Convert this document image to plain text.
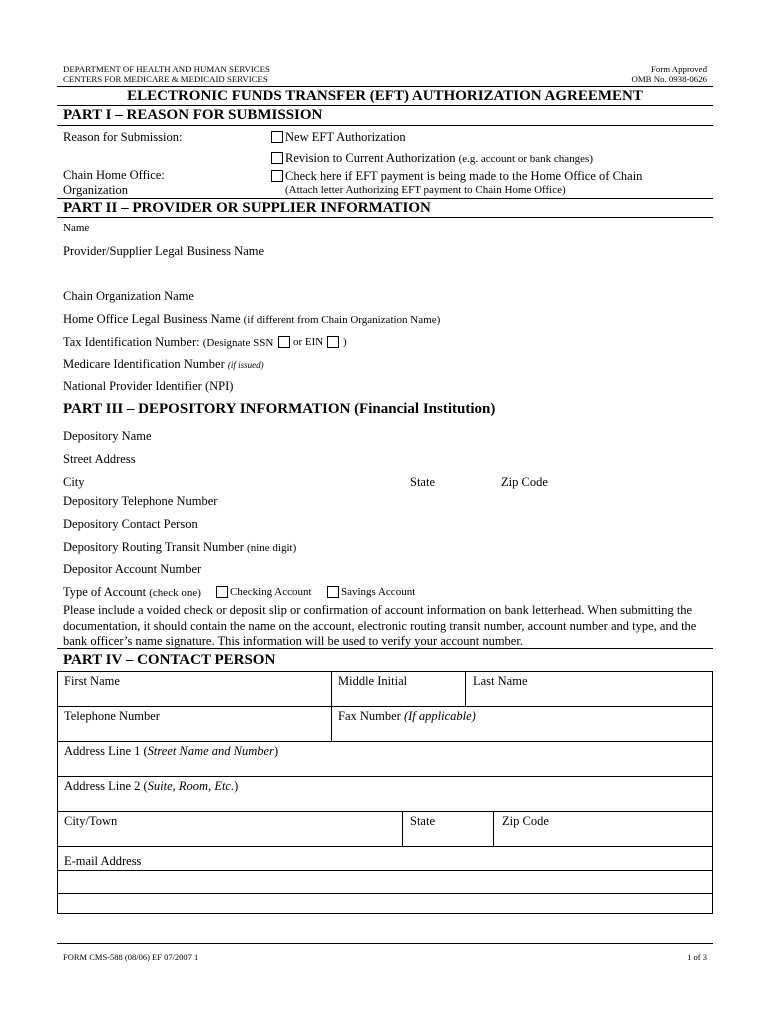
DEPARTMENT OF HEALTH AND HUMAN SERVICES
CENTERS FOR MEDICARE & MEDICAID SERVICES
Form Approved
OMB No. 0938-0626
ELECTRONIC FUNDS TRANSFER (EFT) AUTHORIZATION AGREEMENT
PART I – REASON FOR SUBMISSION
Reason for Submission:	New EFT Authorization
Revision to Current Authorization (e.g. account or bank changes)
Chain Home Office:
Organization
Check here if EFT payment is being made to the Home Office of Chain
(Attach letter Authorizing EFT payment to Chain Home Office)
PART II – PROVIDER OR SUPPLIER INFORMATION
Name
Provider/Supplier Legal Business Name
Chain Organization Name
Home Office Legal Business Name (if different from Chain Organization Name)
Tax Identification Number: (Designate SSN or EIN )
Medicare Identification Number (if issued)
National Provider Identifier (NPI)
PART III – DEPOSITORY INFORMATION (Financial Institution)
Depository Name
Street Address
City	State	Zip Code
Depository Telephone Number
Depository Contact Person
Depository Routing Transit Number (nine digit)
Depositor Account Number
Type of Account (check one)	Checking Account	Savings Account
Please include a voided check or deposit slip or confirmation of account information on bank letterhead. When submitting the
documentation, it should contain the name on the account, electronic routing transit number, account number and type, and the
bank officer’s name signature. This information will be used to verify your account number.
PART IV – CONTACT PERSON
First Name	Middle Initial	Last Name
Telephone Number	Fax Number (If applicable)
Address Line 1 (Street Name and Number)
Address Line 2 (Suite, Room, Etc.)
City/Town	State	Zip Code
E-mail Address
FORM CMS-588 (08/06) EF 07/2007 1	1 of 3
